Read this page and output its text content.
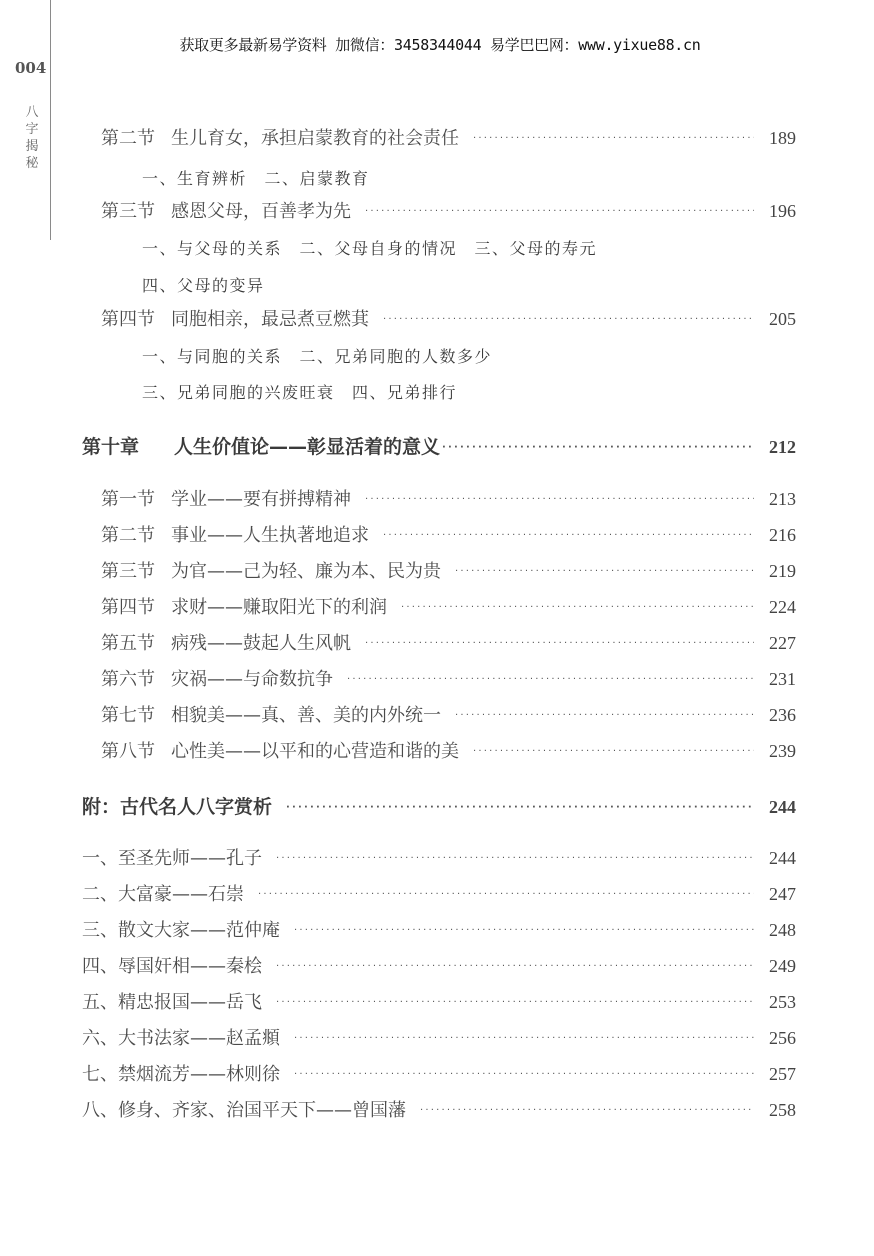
获取更多最新易学资料 加微信：3458344044 易学巴巴网：www.yixue88.cn
004
八字揭秘
第二节 生儿育女，承担启蒙教育的社会责任 ·····	189
一、生育辨析　二、启蒙教育
第三节 感恩父母，百善孝为先 ·····	196
一、与父母的关系　二、父母自身的情况　三、父母的寿元
四、父母的变异
第四节 同胞相亲，最忌煮豆燃萁 ·····	205
一、与同胞的关系　二、兄弟同胞的人数多少
三、兄弟同胞的兴废旺衰　四、兄弟排行
第十章	人生价值论——彰显活着的意义 ·····	212
第一节 学业——要有拼搏精神 ·····	213
第二节 事业——人生执著地追求 ·····	216
第三节 为官——己为轻、廉为本、民为贵 ·····	219
第四节 求财——赚取阳光下的利润 ·····	224
第五节 病残——鼓起人生风帆 ·····	227
第六节 灾祸——与命数抗争 ·····	231
第七节 相貌美——真、善、美的内外统一 ·····	236
第八节 心性美——以平和的心营造和谐的美 ·····	239
附：古代名人八字赏析 ·····	244
一、至圣先师——孔子 ·····	244
二、大富豪——石崇 ·····	247
三、散文大家——范仲庵 ·····	248
四、辱国奸相——秦桧 ·····	249
五、精忠报国——岳飞 ·····	253
六、大书法家——赵孟頫 ·····	256
七、禁烟流芳——林则徐 ·····	257
八、修身、齐家、治国平天下——曾国藩 ·····	258
